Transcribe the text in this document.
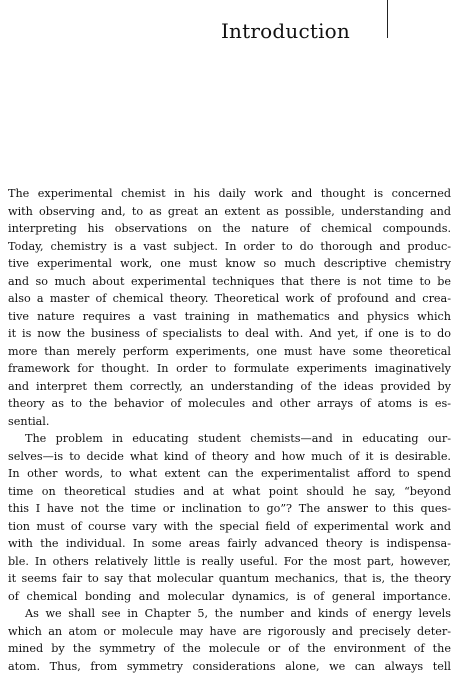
Introduction
The experimental chemist in his daily work and thought is concerned
with observing and, to as great an extent as possible, understanding and
interpreting his observations on the nature of chemical compounds.
Today, chemistry is a vast subject. In order to do thorough and produc-
tive experimental work, one must know so much descriptive chemistry
and so much about experimental techniques that there is not time to be
also a master of chemical theory. Theoretical work of profound and crea-
tive nature requires a vast training in mathematics and physics which
it is now the business of specialists to deal with. And yet, if one is to do
more than merely perform experiments, one must have some theoretical
framework for thought. In order to formulate experiments imaginatively
and interpret them correctly, an understanding of the ideas provided by
theory as to the behavior of molecules and other arrays of atoms is es-
sential.
The problem in educating student chemists—and in educating our-
selves—is to decide what kind of theory and how much of it is desirable.
In other words, to what extent can the experimentalist afford to spend
time on theoretical studies and at what point should he say, “beyond
this I have not the time or inclination to go”? The answer to this ques-
tion must of course vary with the special field of experimental work and
with the individual. In some areas fairly advanced theory is indispensa-
ble. In others relatively little is really useful. For the most part, however,
it seems fair to say that molecular quantum mechanics, that is, the theory
of chemical bonding and molecular dynamics, is of general importance.
As we shall see in Chapter 5, the number and kinds of energy levels
which an atom or molecule may have are rigorously and precisely deter-
mined by the symmetry of the molecule or of the environment of the
atom. Thus, from symmetry considerations alone, we can always tell
